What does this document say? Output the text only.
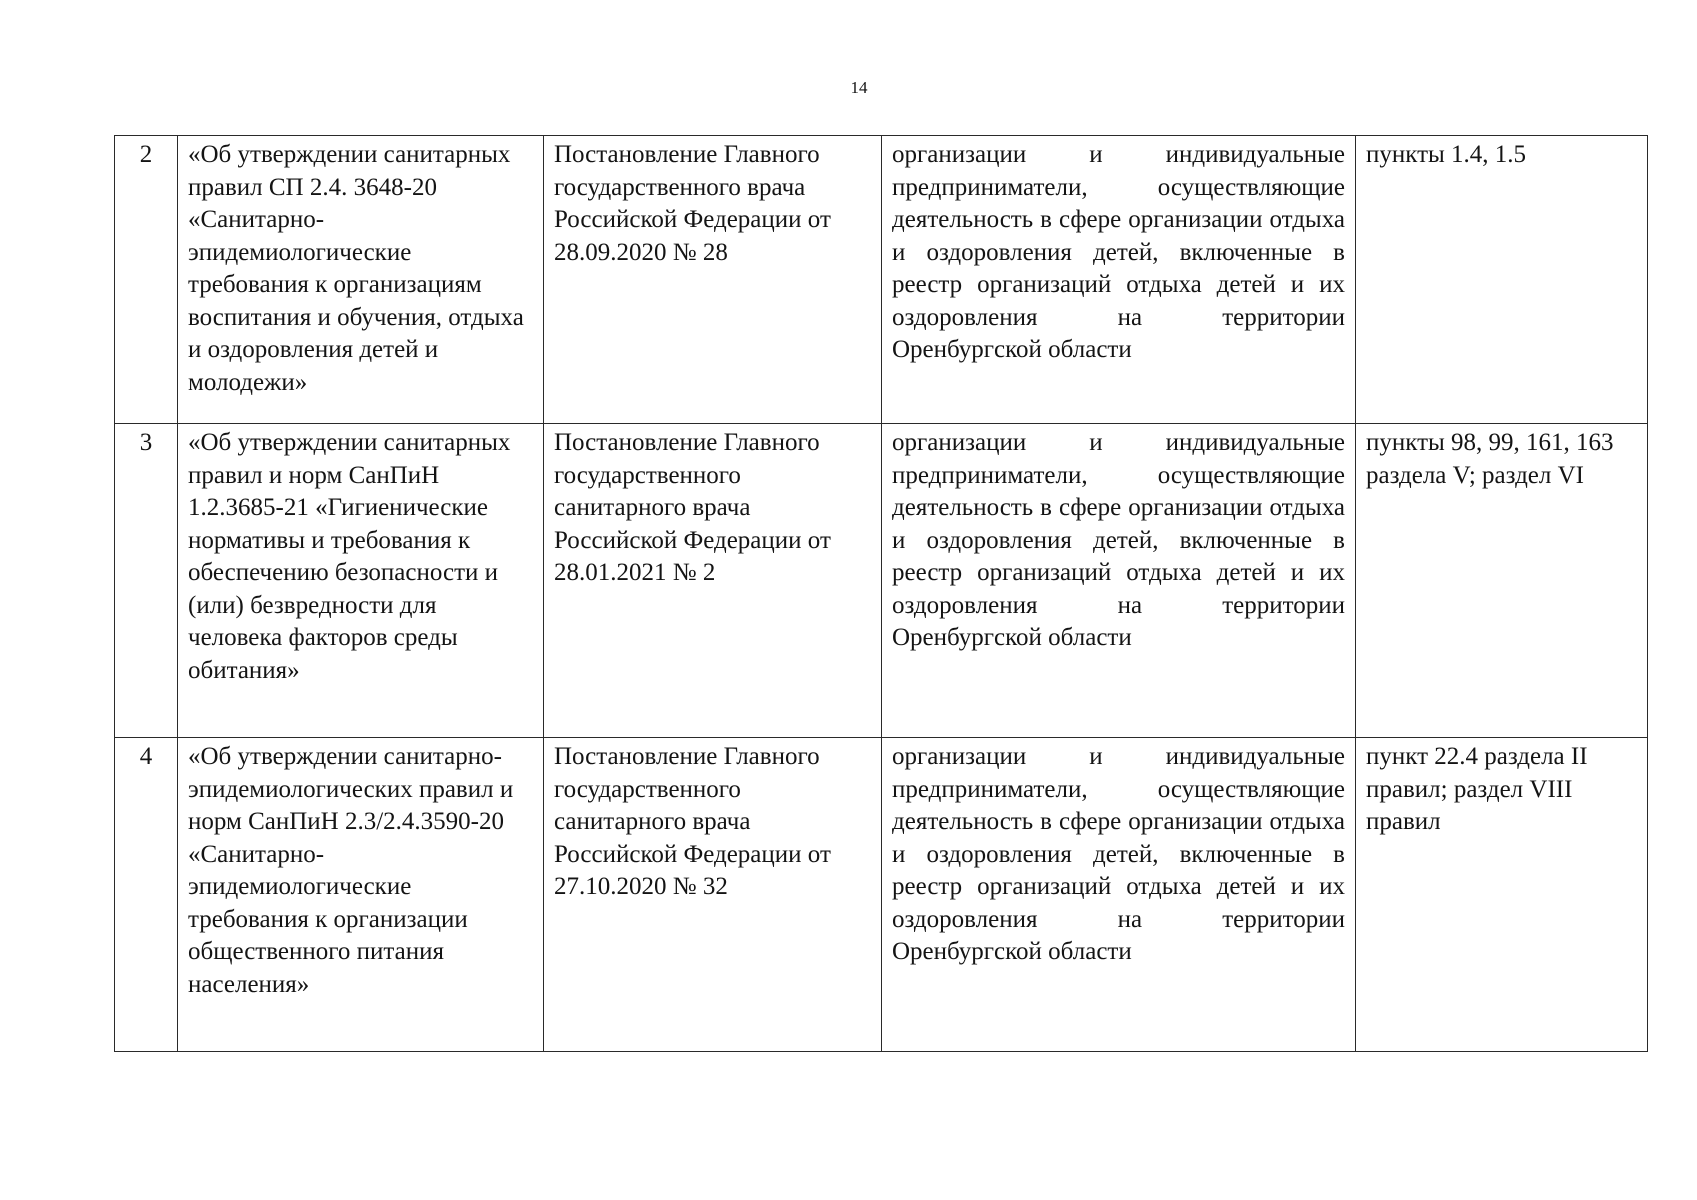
14
2	«Об утверждении санитарных правил СП 2.4. 3648-20 «Санитарно-эпидемиологические требования к организациям воспитания и обучения, отдыха и оздоровления детей и молодежи»	Постановление Главного государственного врача Российской Федерации от 28.09.2020 № 28	организации и индивидуальные предприниматели, осуществляющие деятельность в сфере организации отдыха и оздоровления детей, включенные в реестр организаций отдыха детей и их оздоровления на территории Оренбургской области	пункты 1.4, 1.5
3	«Об утверждении санитарных правил и норм СанПиН 1.2.3685-21 «Гигиенические нормативы и требования к обеспечению безопасности и (или) безвредности для человека факторов среды обитания»	Постановление Главного государственного санитарного врача Российской Федерации от 28.01.2021 № 2	организации и индивидуальные предприниматели, осуществляющие деятельность в сфере организации отдыха и оздоровления детей, включенные в реестр организаций отдыха детей и их оздоровления на территории Оренбургской области	пункты 98, 99, 161, 163 раздела V; раздел VI
4	«Об утверждении санитарно-эпидемиологических правил и норм СанПиН 2.3/2.4.3590-20 «Санитарно-эпидемиологические требования к организации общественного питания населения»	Постановление Главного государственного санитарного врача Российской Федерации от 27.10.2020 № 32	организации и индивидуальные предприниматели, осуществляющие деятельность в сфере организации отдыха и оздоровления детей, включенные в реестр организаций отдыха детей и их оздоровления на территории Оренбургской области	пункт 22.4 раздела II правил; раздел VIII правил
